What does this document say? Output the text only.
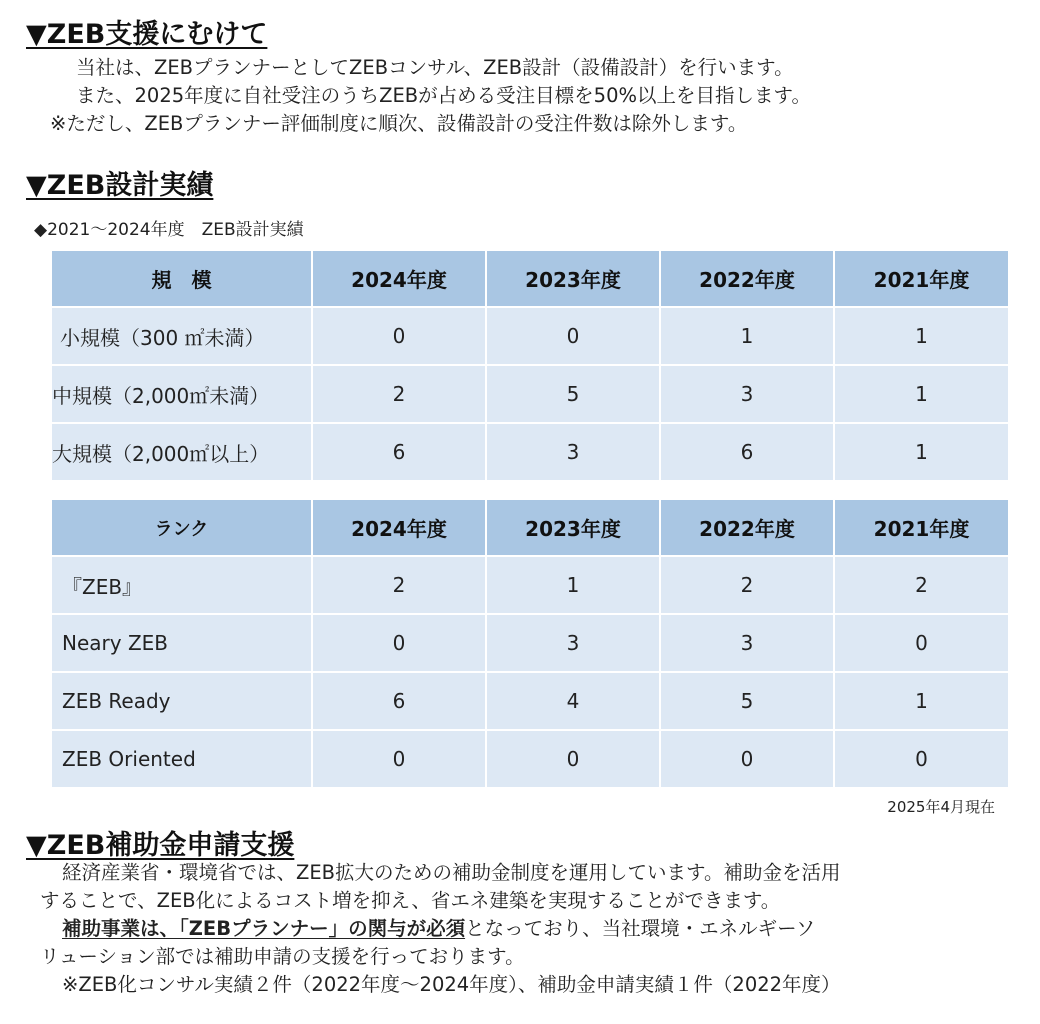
▼ZEB支援にむけて

当社は、ZEBプランナーとしてZEBコンサル、ZEB設計（設備設計）を行います。

また、2025年度に自社受注のうちZEBが占める受注目標を50%以上を目指します。

※ただし、ZEBプランナー評価制度に順次、設備設計の受注件数は除外します。

▼ZEB設計実績
◆2021～2024年度　ZEB設計実績
規　模	2024年度	2023年度	2022年度	2021年度
小規模（300 ㎡未満）	0	0	1	1
中規模（2,000㎡未満）	2	5	3	1
大規模（2,000㎡以上）	6	3	6	1
ランク	2024年度	2023年度	2022年度	2021年度
『ZEB』	2	1	2	2
Neary ZEB	0	3	3	0
ZEB Ready	6	4	5	1
ZEB Oriented	0	0	0	0
2025年4月現在
▼ZEB補助金申請支援

経済産業省・環境省では、ZEB拡大のための補助金制度を運用しています。補助金を活用

することで、ZEB化によるコスト増を抑え、省エネ建築を実現することができます。

補助事業は、「ZEBプランナー」の関与が必須となっており、当社環境・エネルギーソ

リューション部では補助申請の支援を行っております。

※ZEB化コンサル実績２件（2022年度～2024年度）、補助金申請実績１件（2022年度）
